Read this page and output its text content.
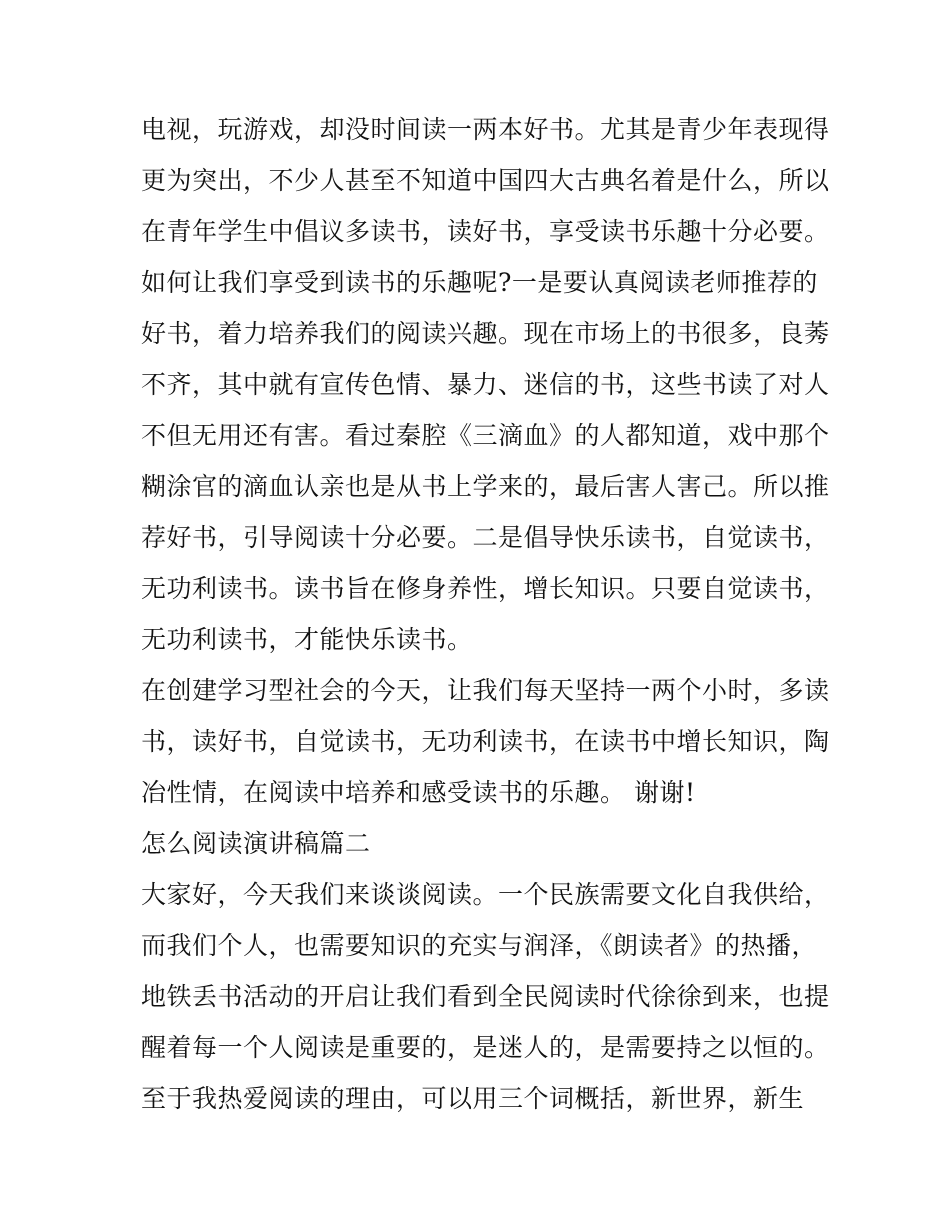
电视，玩游戏，却没时间读一两本好书。尤其是青少年表现得
更为突出，不少人甚至不知道中国四大古典名着是什么，所以
在青年学生中倡议多读书，读好书，享受读书乐趣十分必要。
如何让我们享受到读书的乐趣呢?一是要认真阅读老师推荐的
好书，着力培养我们的阅读兴趣。现在市场上的书很多，良莠
不齐，其中就有宣传色情、暴力、迷信的书，这些书读了对人
不但无用还有害。看过秦腔《三滴血》的人都知道，戏中那个
糊涂官的滴血认亲也是从书上学来的，最后害人害己。所以推
荐好书，引导阅读十分必要。二是倡导快乐读书，自觉读书，
无功利读书。读书旨在修身养性，增长知识。只要自觉读书，
无功利读书，才能快乐读书。
在创建学习型社会的今天，让我们每天坚持一两个小时，多读
书，读好书，自觉读书，无功利读书，在读书中增长知识，陶
冶性情，在阅读中培养和感受读书的乐趣。 谢谢!
怎么阅读演讲稿篇二
大家好，今天我们来谈谈阅读。一个民族需要文化自我供给，
而我们个人，也需要知识的充实与润泽，《朗读者》的热播，
地铁丢书活动的开启让我们看到全民阅读时代徐徐到来，也提
醒着每一个人阅读是重要的，是迷人的，是需要持之以恒的。
至于我热爱阅读的理由，可以用三个词概括，新世界，新生
